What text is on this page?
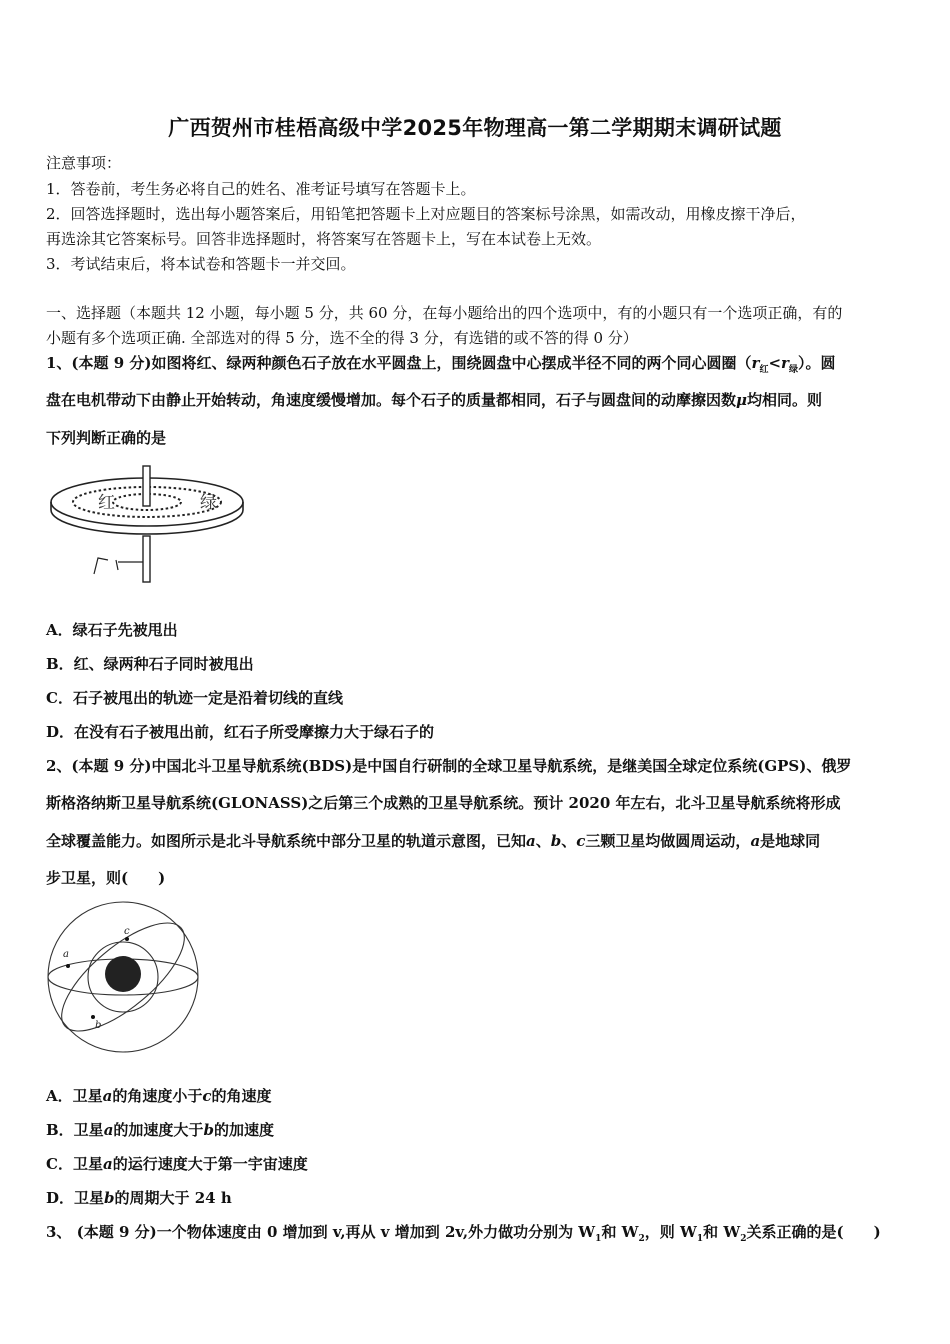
广西贺州市桂梧高级中学2025年物理高一第二学期期末调研试题
注意事项：
1．答卷前，考生务必将自己的姓名、准考证号填写在答题卡上。
2．回答选择题时，选出每小题答案后，用铅笔把答题卡上对应题目的答案标号涂黑，如需改动，用橡皮擦干净后，
再选涂其它答案标号。回答非选择题时，将答案写在答题卡上，写在本试卷上无效。
3．考试结束后，将本试卷和答题卡一并交回。
一、选择题（本题共 12 小题，每小题 5 分，共 60 分，在每小题给出的四个选项中，有的小题只有一个选项正确，有的
小题有多个选项正确. 全部选对的得 5 分，选不全的得 3 分，有选错的或不答的得 0 分）
1、(本题 9 分)如图将红、绿两种颜色石子放在水平圆盘上，围绕圆盘中心摆成半径不同的两个同心圆圈$(r_红<r_绿)$。圆
盘在电机带动下由静止开始转动，角速度缓慢增加。每个石子的质量都相同，石子与圆盘间的动摩擦因数μ均相同。则
下列判断正确的是
红	绿
A．绿石子先被甩出
B．红、绿两种石子同时被甩出
C．石子被甩出的轨迹一定是沿着切线的直线
D．在没有石子被甩出前，红石子所受摩擦力大于绿石子的
2、(本题 9 分)中国北斗卫星导航系统(BDS)是中国自行研制的全球卫星导航系统，是继美国全球定位系统(GPS)、俄罗
斯格洛纳斯卫星导航系统(GLONASS)之后第三个成熟的卫星导航系统。预计 2020 年左右，北斗卫星导航系统将形成
全球覆盖能力。如图所示是北斗导航系统中部分卫星的轨道示意图，已知a、b、c三颗卫星均做圆周运动，a是地球同
步卫星，则(　　)
a
c
b
A．卫星a的角速度小于c的角速度
B．卫星a的加速度大于b的加速度
C．卫星a的运行速度大于第一宇宙速度
D．卫星b的周期大于 24 h
3、 (本题 9 分)一个物体速度由 0 增加到 v,再从 v 增加到 2v,外力做功分别为 $W_1$和 $W_2$，则 $W_1$和 $W_2$关系正确的是(　　)
